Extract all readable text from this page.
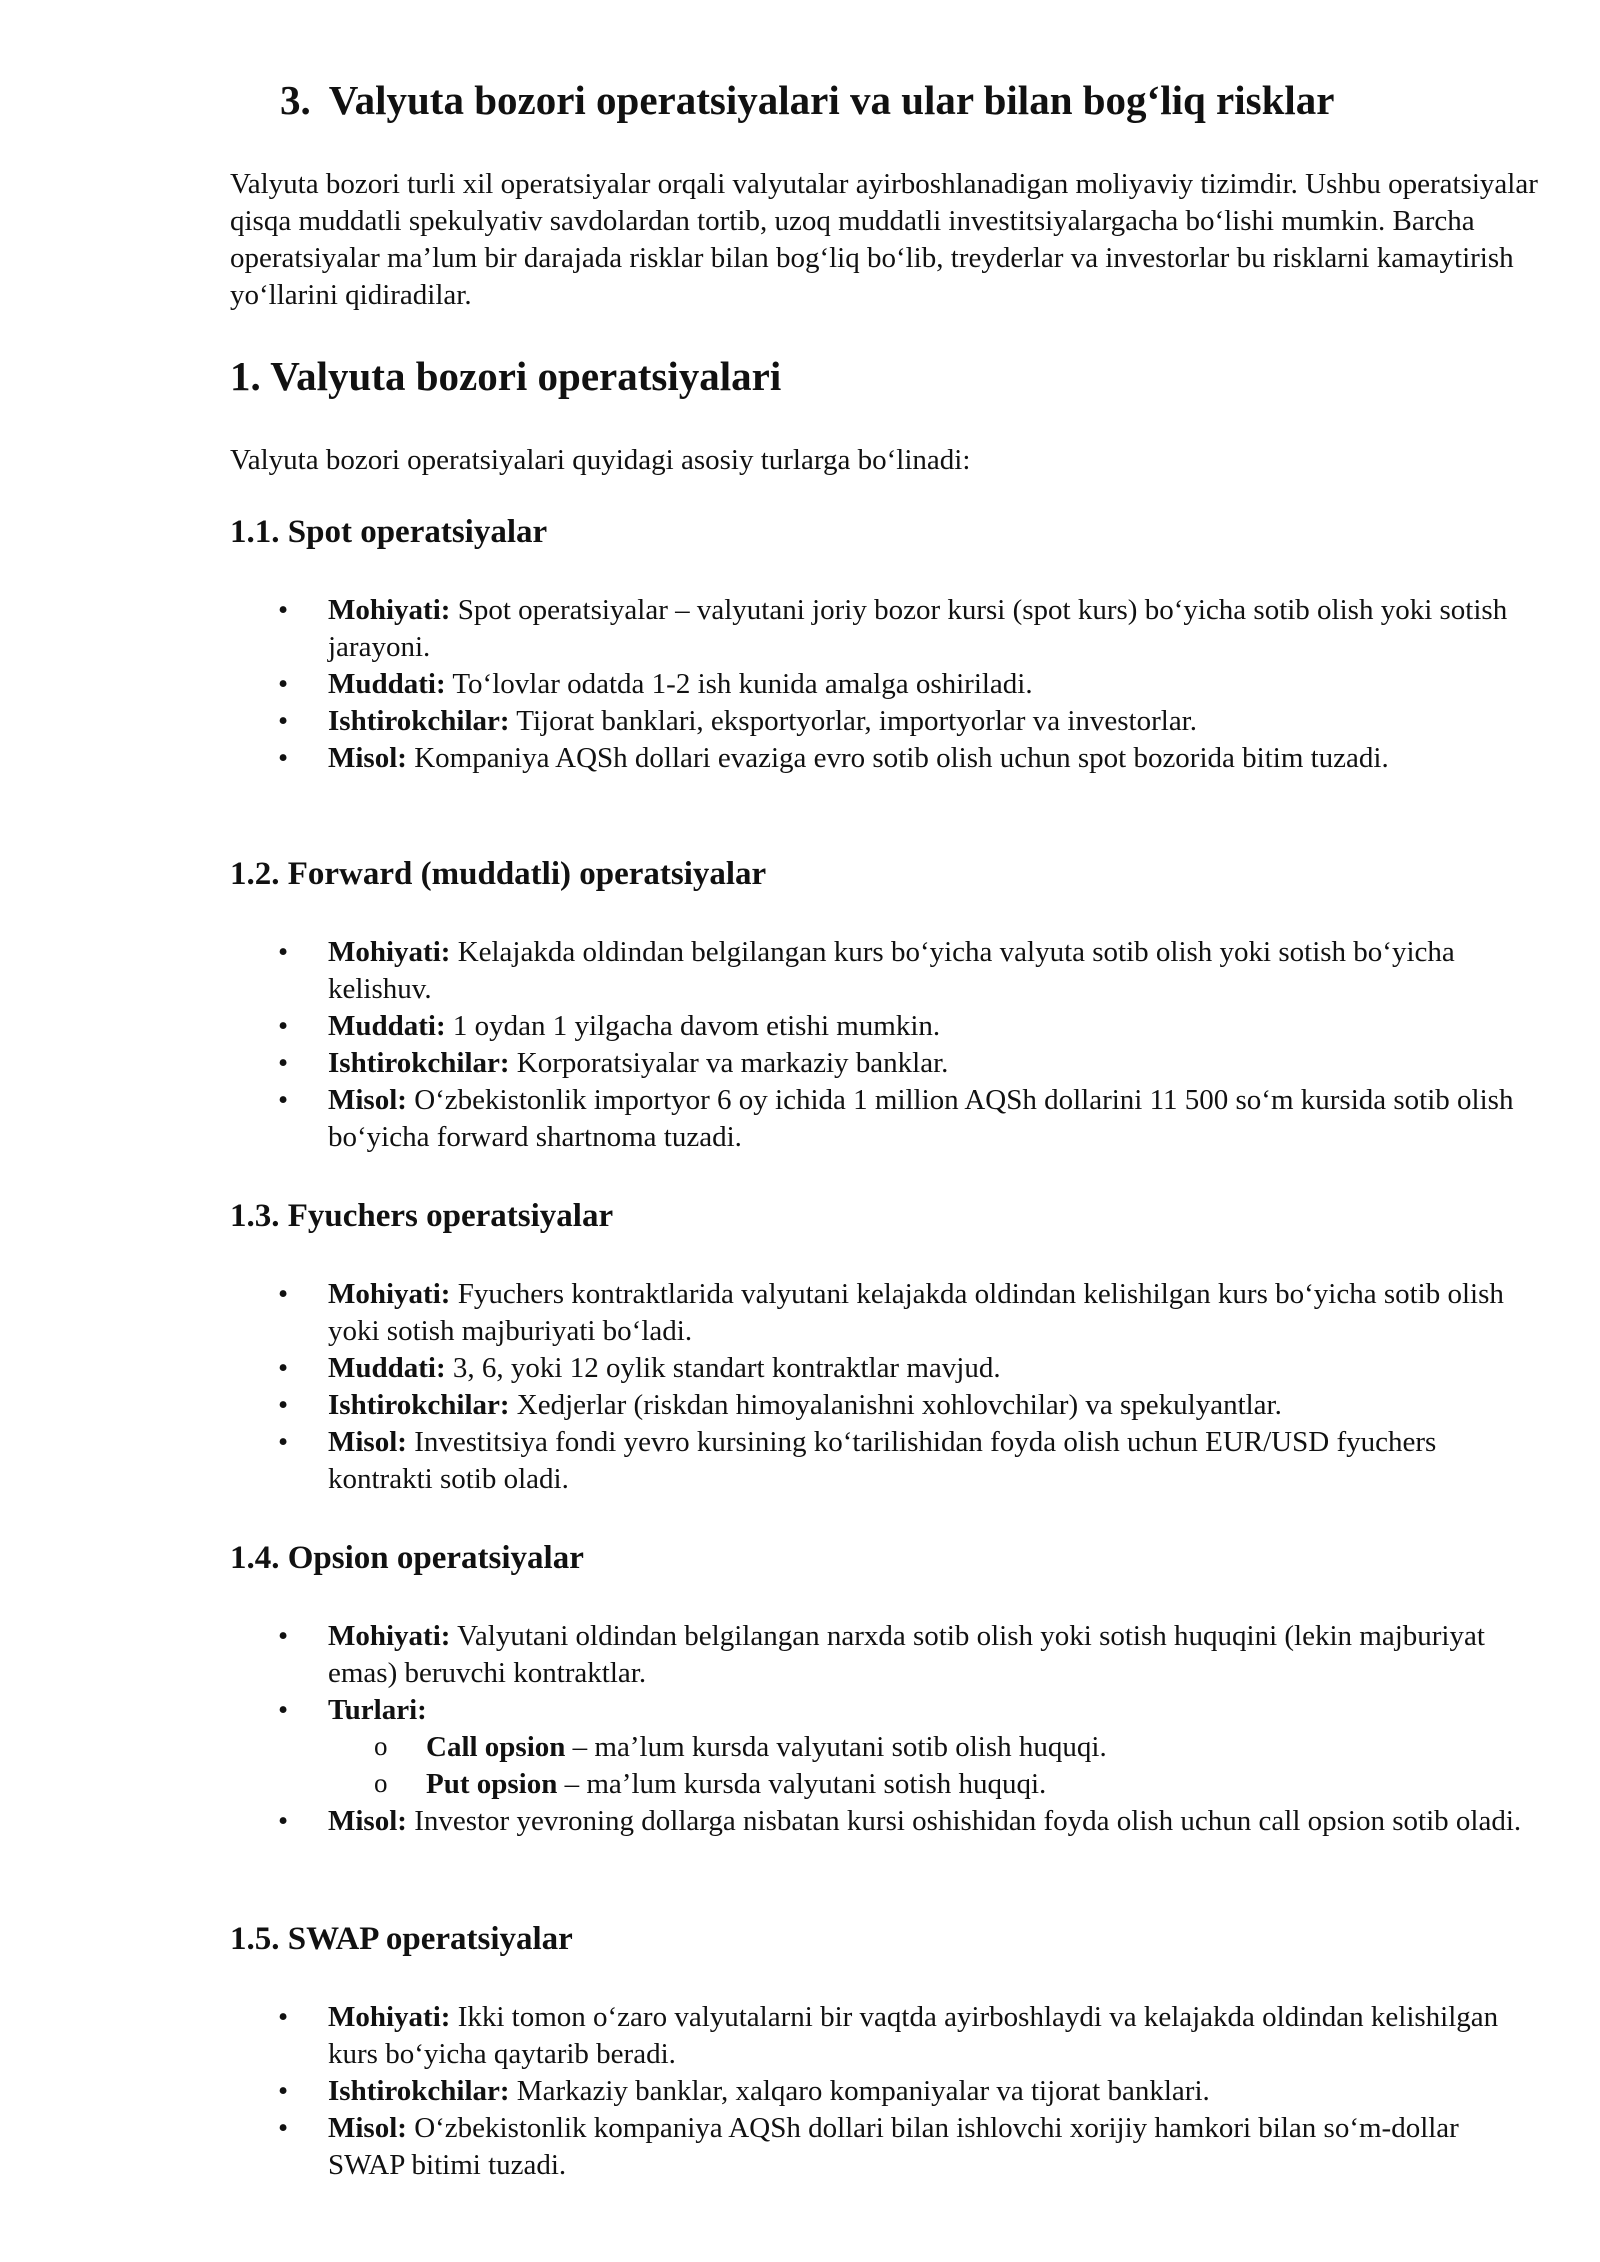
3. Valyuta bozori operatsiyalari va ular bilan bog‘liq risklar

Valyuta bozori turli xil operatsiyalar orqali valyutalar ayirboshlanadigan moliyaviy tizimdir. Ushbu operatsiyalar qisqa muddatli spekulyativ savdolardan tortib, uzoq muddatli investitsiyalargacha bo‘lishi mumkin. Barcha operatsiyalar ma’lum bir darajada risklar bilan bog‘liq bo‘lib, treyderlar va investorlar bu risklarni kamaytirish yo‘llarini qidiradilar.

1. Valyuta bozori operatsiyalari

Valyuta bozori operatsiyalari quyidagi asosiy turlarga bo‘linadi:

1.1. Spot operatsiyalar
• Mohiyati: Spot operatsiyalar – valyutani joriy bozor kursi (spot kurs) bo‘yicha sotib olish yoki sotish jarayoni.
• Muddati: To‘lovlar odatda 1-2 ish kunida amalga oshiriladi.
• Ishtirokchilar: Tijorat banklari, eksportyorlar, importyorlar va investorlar.
• Misol: Kompaniya AQSh dollari evaziga evro sotib olish uchun spot bozorida bitim tuzadi.
1.2. Forward (muddatli) operatsiyalar
• Mohiyati: Kelajakda oldindan belgilangan kurs bo‘yicha valyuta sotib olish yoki sotish bo‘yicha kelishuv.
• Muddati: 1 oydan 1 yilgacha davom etishi mumkin.
• Ishtirokchilar: Korporatsiyalar va markaziy banklar.
• Misol: O‘zbekistonlik importyor 6 oy ichida 1 million AQSh dollarini 11 500 so‘m kursida sotib olish bo‘yicha forward shartnoma tuzadi.
1.3. Fyuchers operatsiyalar
• Mohiyati: Fyuchers kontraktlarida valyutani kelajakda oldindan kelishilgan kurs bo‘yicha sotib olish yoki sotish majburiyati bo‘ladi.
• Muddati: 3, 6, yoki 12 oylik standart kontraktlar mavjud.
• Ishtirokchilar: Xedjerlar (riskdan himoyalanishni xohlovchilar) va spekulyantlar.
• Misol: Investitsiya fondi yevro kursining ko‘tarilishidan foyda olish uchun EUR/USD fyuchers kontrakti sotib oladi.
1.4. Opsion operatsiyalar
• Mohiyati: Valyutani oldindan belgilangan narxda sotib olish yoki sotish huquqini (lekin majburiyat emas) beruvchi kontraktlar.
• Turlari:
o Call opsion – ma’lum kursda valyutani sotib olish huquqi.
o Put opsion – ma’lum kursda valyutani sotish huquqi.
• Misol: Investor yevroning dollarga nisbatan kursi oshishidan foyda olish uchun call opsion sotib oladi.
1.5. SWAP operatsiyalar
• Mohiyati: Ikki tomon o‘zaro valyutalarni bir vaqtda ayirboshlaydi va kelajakda oldindan kelishilgan kurs bo‘yicha qaytarib beradi.
• Ishtirokchilar: Markaziy banklar, xalqaro kompaniyalar va tijorat banklari.
• Misol: O‘zbekistonlik kompaniya AQSh dollari bilan ishlovchi xorijiy hamkori bilan so‘m-dollar SWAP bitimi tuzadi.
